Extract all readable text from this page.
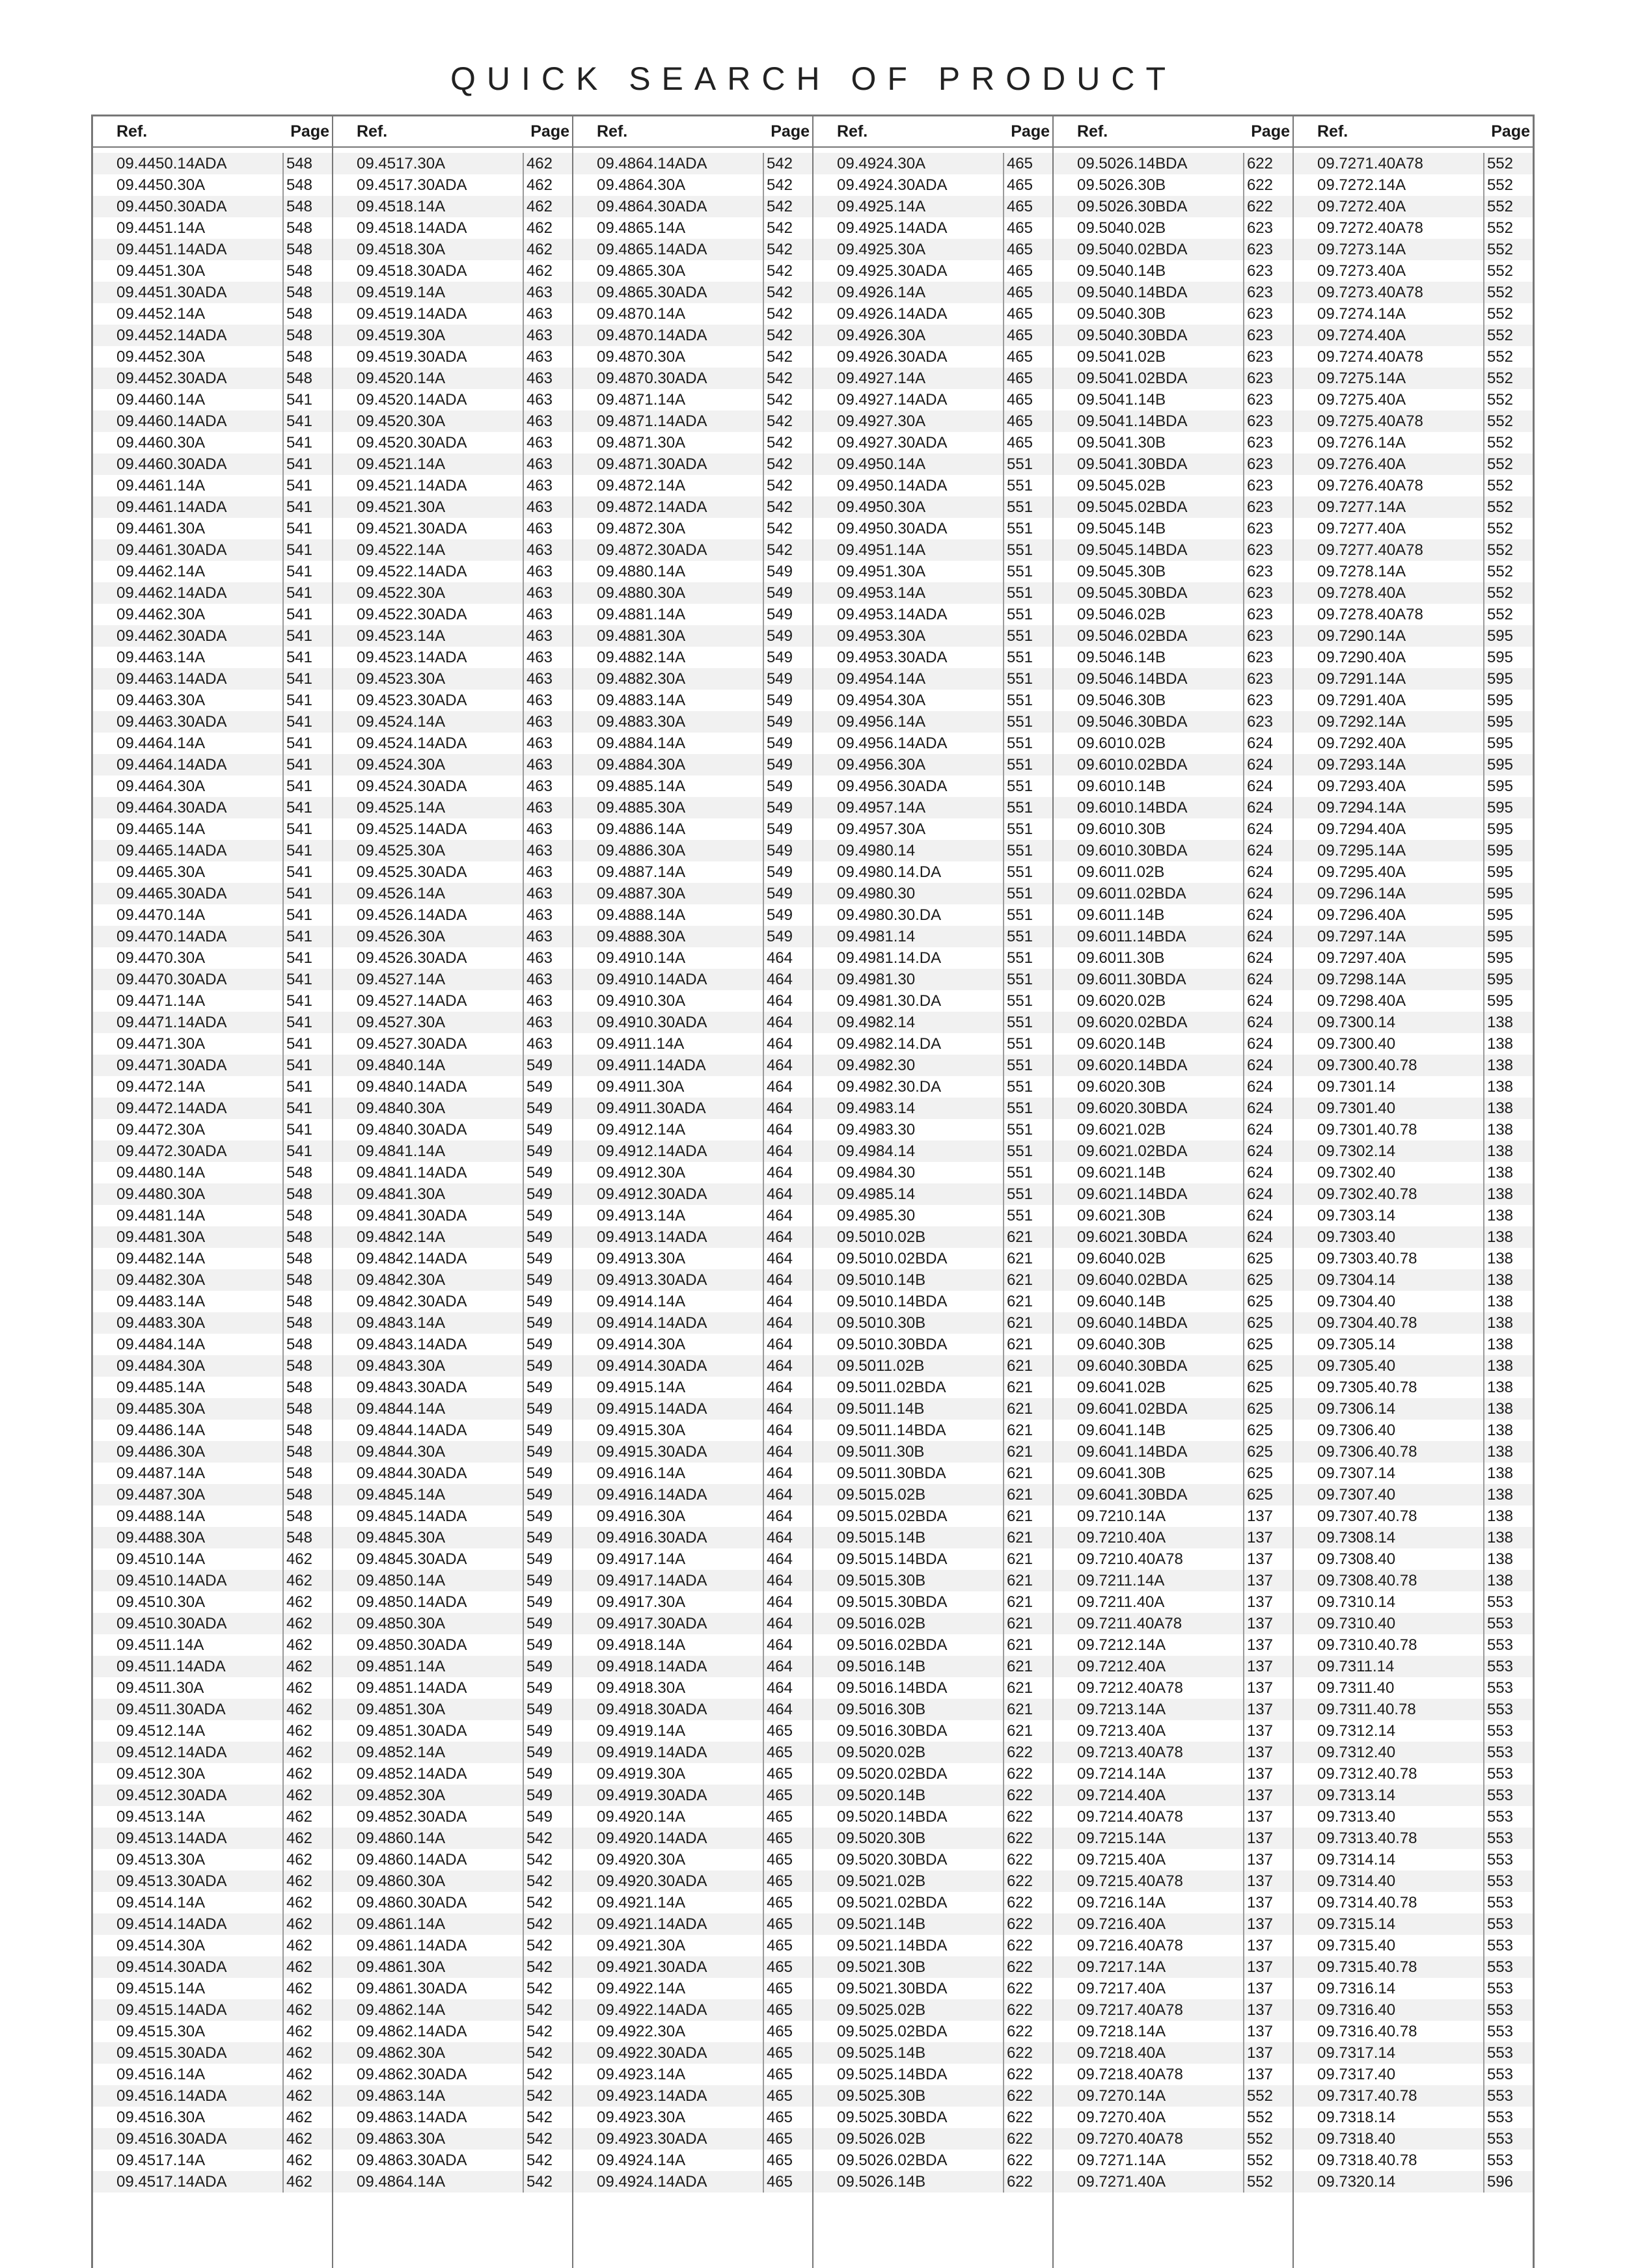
QUICK SEARCH OF PRODUCT
Ref.	Page
09.4450.14ADA	548
09.4450.30A	548
09.4450.30ADA	548
09.4451.14A	548
09.4451.14ADA	548
09.4451.30A	548
09.4451.30ADA	548
09.4452.14A	548
09.4452.14ADA	548
09.4452.30A	548
09.4452.30ADA	548
09.4460.14A	541
09.4460.14ADA	541
09.4460.30A	541
09.4460.30ADA	541
09.4461.14A	541
09.4461.14ADA	541
09.4461.30A	541
09.4461.30ADA	541
09.4462.14A	541
09.4462.14ADA	541
09.4462.30A	541
09.4462.30ADA	541
09.4463.14A	541
09.4463.14ADA	541
09.4463.30A	541
09.4463.30ADA	541
09.4464.14A	541
09.4464.14ADA	541
09.4464.30A	541
09.4464.30ADA	541
09.4465.14A	541
09.4465.14ADA	541
09.4465.30A	541
09.4465.30ADA	541
09.4470.14A	541
09.4470.14ADA	541
09.4470.30A	541
09.4470.30ADA	541
09.4471.14A	541
09.4471.14ADA	541
09.4471.30A	541
09.4471.30ADA	541
09.4472.14A	541
09.4472.14ADA	541
09.4472.30A	541
09.4472.30ADA	541
09.4480.14A	548
09.4480.30A	548
09.4481.14A	548
09.4481.30A	548
09.4482.14A	548
09.4482.30A	548
09.4483.14A	548
09.4483.30A	548
09.4484.14A	548
09.4484.30A	548
09.4485.14A	548
09.4485.30A	548
09.4486.14A	548
09.4486.30A	548
09.4487.14A	548
09.4487.30A	548
09.4488.14A	548
09.4488.30A	548
09.4510.14A	462
09.4510.14ADA	462
09.4510.30A	462
09.4510.30ADA	462
09.4511.14A	462
09.4511.14ADA	462
09.4511.30A	462
09.4511.30ADA	462
09.4512.14A	462
09.4512.14ADA	462
09.4512.30A	462
09.4512.30ADA	462
09.4513.14A	462
09.4513.14ADA	462
09.4513.30A	462
09.4513.30ADA	462
09.4514.14A	462
09.4514.14ADA	462
09.4514.30A	462
09.4514.30ADA	462
09.4515.14A	462
09.4515.14ADA	462
09.4515.30A	462
09.4515.30ADA	462
09.4516.14A	462
09.4516.14ADA	462
09.4516.30A	462
09.4516.30ADA	462
09.4517.14A	462
09.4517.14ADA	462
Ref.	Page
09.4517.30A	462
09.4517.30ADA	462
09.4518.14A	462
09.4518.14ADA	462
09.4518.30A	462
09.4518.30ADA	462
09.4519.14A	463
09.4519.14ADA	463
09.4519.30A	463
09.4519.30ADA	463
09.4520.14A	463
09.4520.14ADA	463
09.4520.30A	463
09.4520.30ADA	463
09.4521.14A	463
09.4521.14ADA	463
09.4521.30A	463
09.4521.30ADA	463
09.4522.14A	463
09.4522.14ADA	463
09.4522.30A	463
09.4522.30ADA	463
09.4523.14A	463
09.4523.14ADA	463
09.4523.30A	463
09.4523.30ADA	463
09.4524.14A	463
09.4524.14ADA	463
09.4524.30A	463
09.4524.30ADA	463
09.4525.14A	463
09.4525.14ADA	463
09.4525.30A	463
09.4525.30ADA	463
09.4526.14A	463
09.4526.14ADA	463
09.4526.30A	463
09.4526.30ADA	463
09.4527.14A	463
09.4527.14ADA	463
09.4527.30A	463
09.4527.30ADA	463
09.4840.14A	549
09.4840.14ADA	549
09.4840.30A	549
09.4840.30ADA	549
09.4841.14A	549
09.4841.14ADA	549
09.4841.30A	549
09.4841.30ADA	549
09.4842.14A	549
09.4842.14ADA	549
09.4842.30A	549
09.4842.30ADA	549
09.4843.14A	549
09.4843.14ADA	549
09.4843.30A	549
09.4843.30ADA	549
09.4844.14A	549
09.4844.14ADA	549
09.4844.30A	549
09.4844.30ADA	549
09.4845.14A	549
09.4845.14ADA	549
09.4845.30A	549
09.4845.30ADA	549
09.4850.14A	549
09.4850.14ADA	549
09.4850.30A	549
09.4850.30ADA	549
09.4851.14A	549
09.4851.14ADA	549
09.4851.30A	549
09.4851.30ADA	549
09.4852.14A	549
09.4852.14ADA	549
09.4852.30A	549
09.4852.30ADA	549
09.4860.14A	542
09.4860.14ADA	542
09.4860.30A	542
09.4860.30ADA	542
09.4861.14A	542
09.4861.14ADA	542
09.4861.30A	542
09.4861.30ADA	542
09.4862.14A	542
09.4862.14ADA	542
09.4862.30A	542
09.4862.30ADA	542
09.4863.14A	542
09.4863.14ADA	542
09.4863.30A	542
09.4863.30ADA	542
09.4864.14A	542
Ref.	Page
09.4864.14ADA	542
09.4864.30A	542
09.4864.30ADA	542
09.4865.14A	542
09.4865.14ADA	542
09.4865.30A	542
09.4865.30ADA	542
09.4870.14A	542
09.4870.14ADA	542
09.4870.30A	542
09.4870.30ADA	542
09.4871.14A	542
09.4871.14ADA	542
09.4871.30A	542
09.4871.30ADA	542
09.4872.14A	542
09.4872.14ADA	542
09.4872.30A	542
09.4872.30ADA	542
09.4880.14A	549
09.4880.30A	549
09.4881.14A	549
09.4881.30A	549
09.4882.14A	549
09.4882.30A	549
09.4883.14A	549
09.4883.30A	549
09.4884.14A	549
09.4884.30A	549
09.4885.14A	549
09.4885.30A	549
09.4886.14A	549
09.4886.30A	549
09.4887.14A	549
09.4887.30A	549
09.4888.14A	549
09.4888.30A	549
09.4910.14A	464
09.4910.14ADA	464
09.4910.30A	464
09.4910.30ADA	464
09.4911.14A	464
09.4911.14ADA	464
09.4911.30A	464
09.4911.30ADA	464
09.4912.14A	464
09.4912.14ADA	464
09.4912.30A	464
09.4912.30ADA	464
09.4913.14A	464
09.4913.14ADA	464
09.4913.30A	464
09.4913.30ADA	464
09.4914.14A	464
09.4914.14ADA	464
09.4914.30A	464
09.4914.30ADA	464
09.4915.14A	464
09.4915.14ADA	464
09.4915.30A	464
09.4915.30ADA	464
09.4916.14A	464
09.4916.14ADA	464
09.4916.30A	464
09.4916.30ADA	464
09.4917.14A	464
09.4917.14ADA	464
09.4917.30A	464
09.4917.30ADA	464
09.4918.14A	464
09.4918.14ADA	464
09.4918.30A	464
09.4918.30ADA	464
09.4919.14A	465
09.4919.14ADA	465
09.4919.30A	465
09.4919.30ADA	465
09.4920.14A	465
09.4920.14ADA	465
09.4920.30A	465
09.4920.30ADA	465
09.4921.14A	465
09.4921.14ADA	465
09.4921.30A	465
09.4921.30ADA	465
09.4922.14A	465
09.4922.14ADA	465
09.4922.30A	465
09.4922.30ADA	465
09.4923.14A	465
09.4923.14ADA	465
09.4923.30A	465
09.4923.30ADA	465
09.4924.14A	465
09.4924.14ADA	465
Ref.	Page
09.4924.30A	465
09.4924.30ADA	465
09.4925.14A	465
09.4925.14ADA	465
09.4925.30A	465
09.4925.30ADA	465
09.4926.14A	465
09.4926.14ADA	465
09.4926.30A	465
09.4926.30ADA	465
09.4927.14A	465
09.4927.14ADA	465
09.4927.30A	465
09.4927.30ADA	465
09.4950.14A	551
09.4950.14ADA	551
09.4950.30A	551
09.4950.30ADA	551
09.4951.14A	551
09.4951.30A	551
09.4953.14A	551
09.4953.14ADA	551
09.4953.30A	551
09.4953.30ADA	551
09.4954.14A	551
09.4954.30A	551
09.4956.14A	551
09.4956.14ADA	551
09.4956.30A	551
09.4956.30ADA	551
09.4957.14A	551
09.4957.30A	551
09.4980.14	551
09.4980.14.DA	551
09.4980.30	551
09.4980.30.DA	551
09.4981.14	551
09.4981.14.DA	551
09.4981.30	551
09.4981.30.DA	551
09.4982.14	551
09.4982.14.DA	551
09.4982.30	551
09.4982.30.DA	551
09.4983.14	551
09.4983.30	551
09.4984.14	551
09.4984.30	551
09.4985.14	551
09.4985.30	551
09.5010.02B	621
09.5010.02BDA	621
09.5010.14B	621
09.5010.14BDA	621
09.5010.30B	621
09.5010.30BDA	621
09.5011.02B	621
09.5011.02BDA	621
09.5011.14B	621
09.5011.14BDA	621
09.5011.30B	621
09.5011.30BDA	621
09.5015.02B	621
09.5015.02BDA	621
09.5015.14B	621
09.5015.14BDA	621
09.5015.30B	621
09.5015.30BDA	621
09.5016.02B	621
09.5016.02BDA	621
09.5016.14B	621
09.5016.14BDA	621
09.5016.30B	621
09.5016.30BDA	621
09.5020.02B	622
09.5020.02BDA	622
09.5020.14B	622
09.5020.14BDA	622
09.5020.30B	622
09.5020.30BDA	622
09.5021.02B	622
09.5021.02BDA	622
09.5021.14B	622
09.5021.14BDA	622
09.5021.30B	622
09.5021.30BDA	622
09.5025.02B	622
09.5025.02BDA	622
09.5025.14B	622
09.5025.14BDA	622
09.5025.30B	622
09.5025.30BDA	622
09.5026.02B	622
09.5026.02BDA	622
09.5026.14B	622
Ref.	Page
09.5026.14BDA	622
09.5026.30B	622
09.5026.30BDA	622
09.5040.02B	623
09.5040.02BDA	623
09.5040.14B	623
09.5040.14BDA	623
09.5040.30B	623
09.5040.30BDA	623
09.5041.02B	623
09.5041.02BDA	623
09.5041.14B	623
09.5041.14BDA	623
09.5041.30B	623
09.5041.30BDA	623
09.5045.02B	623
09.5045.02BDA	623
09.5045.14B	623
09.5045.14BDA	623
09.5045.30B	623
09.5045.30BDA	623
09.5046.02B	623
09.5046.02BDA	623
09.5046.14B	623
09.5046.14BDA	623
09.5046.30B	623
09.5046.30BDA	623
09.6010.02B	624
09.6010.02BDA	624
09.6010.14B	624
09.6010.14BDA	624
09.6010.30B	624
09.6010.30BDA	624
09.6011.02B	624
09.6011.02BDA	624
09.6011.14B	624
09.6011.14BDA	624
09.6011.30B	624
09.6011.30BDA	624
09.6020.02B	624
09.6020.02BDA	624
09.6020.14B	624
09.6020.14BDA	624
09.6020.30B	624
09.6020.30BDA	624
09.6021.02B	624
09.6021.02BDA	624
09.6021.14B	624
09.6021.14BDA	624
09.6021.30B	624
09.6021.30BDA	624
09.6040.02B	625
09.6040.02BDA	625
09.6040.14B	625
09.6040.14BDA	625
09.6040.30B	625
09.6040.30BDA	625
09.6041.02B	625
09.6041.02BDA	625
09.6041.14B	625
09.6041.14BDA	625
09.6041.30B	625
09.6041.30BDA	625
09.7210.14A	137
09.7210.40A	137
09.7210.40A78	137
09.7211.14A	137
09.7211.40A	137
09.7211.40A78	137
09.7212.14A	137
09.7212.40A	137
09.7212.40A78	137
09.7213.14A	137
09.7213.40A	137
09.7213.40A78	137
09.7214.14A	137
09.7214.40A	137
09.7214.40A78	137
09.7215.14A	137
09.7215.40A	137
09.7215.40A78	137
09.7216.14A	137
09.7216.40A	137
09.7216.40A78	137
09.7217.14A	137
09.7217.40A	137
09.7217.40A78	137
09.7218.14A	137
09.7218.40A	137
09.7218.40A78	137
09.7270.14A	552
09.7270.40A	552
09.7270.40A78	552
09.7271.14A	552
09.7271.40A	552
Ref.	Page
09.7271.40A78	552
09.7272.14A	552
09.7272.40A	552
09.7272.40A78	552
09.7273.14A	552
09.7273.40A	552
09.7273.40A78	552
09.7274.14A	552
09.7274.40A	552
09.7274.40A78	552
09.7275.14A	552
09.7275.40A	552
09.7275.40A78	552
09.7276.14A	552
09.7276.40A	552
09.7276.40A78	552
09.7277.14A	552
09.7277.40A	552
09.7277.40A78	552
09.7278.14A	552
09.7278.40A	552
09.7278.40A78	552
09.7290.14A	595
09.7290.40A	595
09.7291.14A	595
09.7291.40A	595
09.7292.14A	595
09.7292.40A	595
09.7293.14A	595
09.7293.40A	595
09.7294.14A	595
09.7294.40A	595
09.7295.14A	595
09.7295.40A	595
09.7296.14A	595
09.7296.40A	595
09.7297.14A	595
09.7297.40A	595
09.7298.14A	595
09.7298.40A	595
09.7300.14	138
09.7300.40	138
09.7300.40.78	138
09.7301.14	138
09.7301.40	138
09.7301.40.78	138
09.7302.14	138
09.7302.40	138
09.7302.40.78	138
09.7303.14	138
09.7303.40	138
09.7303.40.78	138
09.7304.14	138
09.7304.40	138
09.7304.40.78	138
09.7305.14	138
09.7305.40	138
09.7305.40.78	138
09.7306.14	138
09.7306.40	138
09.7306.40.78	138
09.7307.14	138
09.7307.40	138
09.7307.40.78	138
09.7308.14	138
09.7308.40	138
09.7308.40.78	138
09.7310.14	553
09.7310.40	553
09.7310.40.78	553
09.7311.14	553
09.7311.40	553
09.7311.40.78	553
09.7312.14	553
09.7312.40	553
09.7312.40.78	553
09.7313.14	553
09.7313.40	553
09.7313.40.78	553
09.7314.14	553
09.7314.40	553
09.7314.40.78	553
09.7315.14	553
09.7315.40	553
09.7315.40.78	553
09.7316.14	553
09.7316.40	553
09.7316.40.78	553
09.7317.14	553
09.7317.40	553
09.7317.40.78	553
09.7318.14	553
09.7318.40	553
09.7318.40.78	553
09.7320.14	596
